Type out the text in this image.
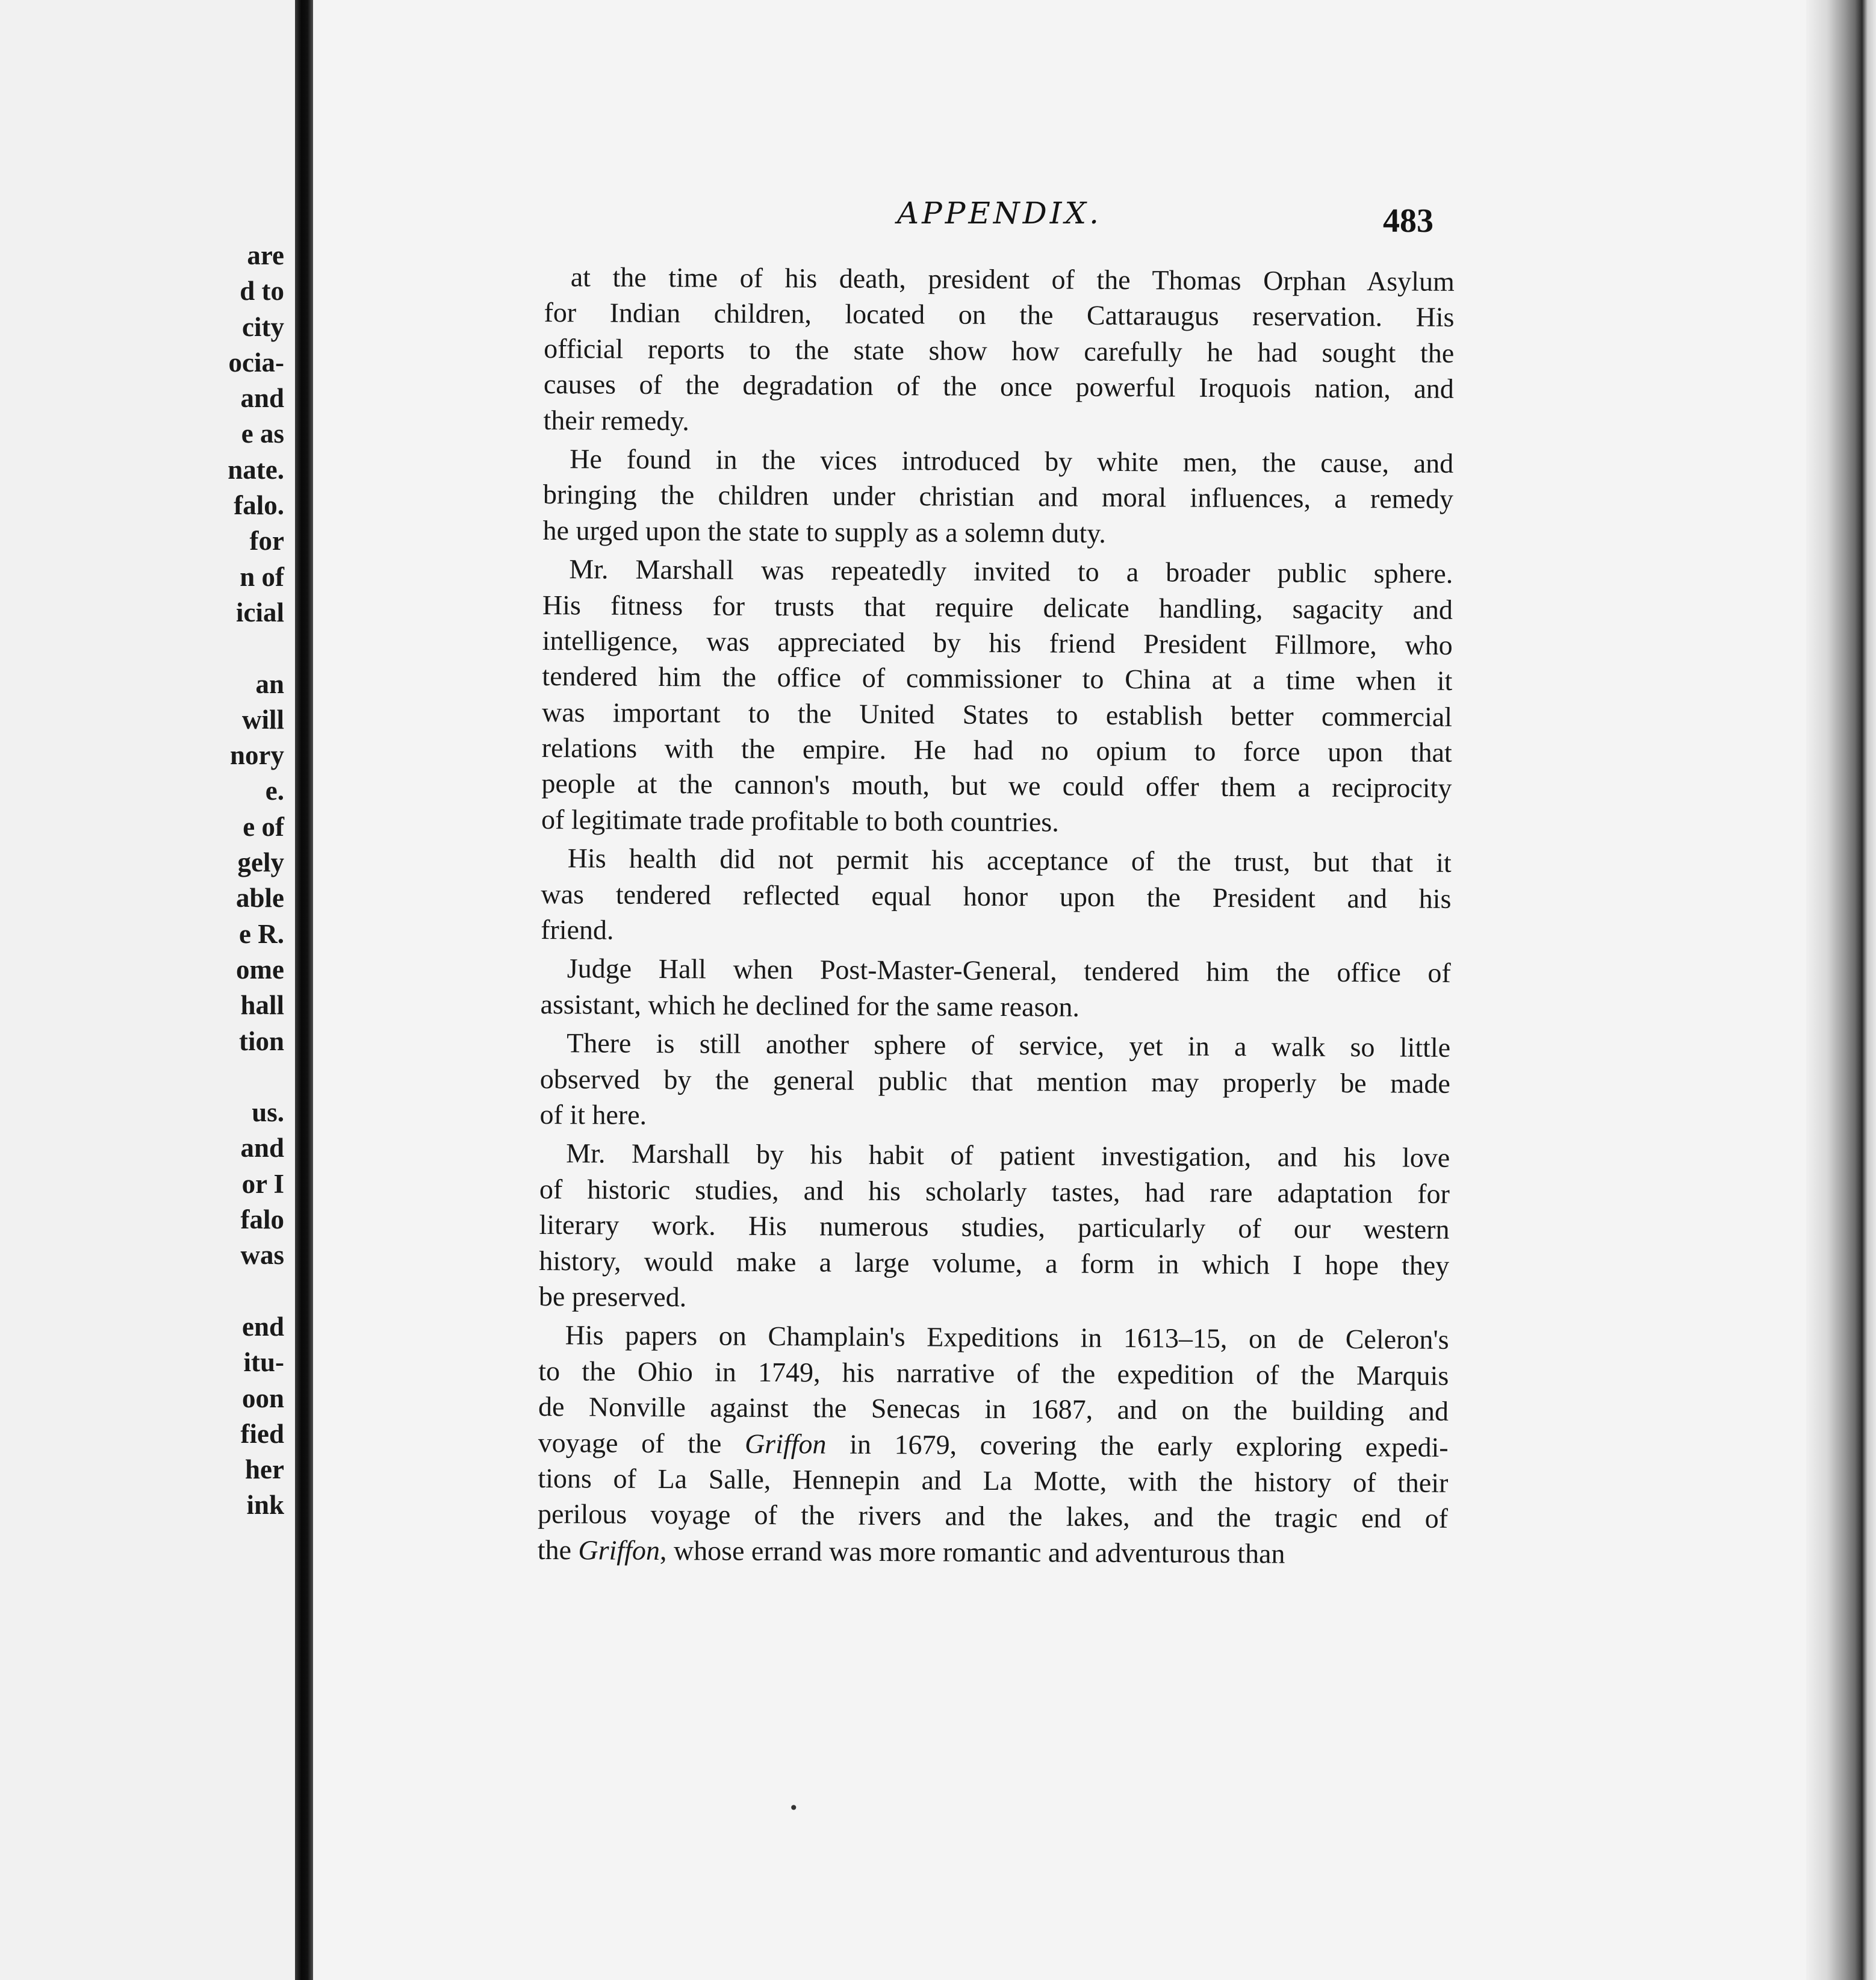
are
d to
city
ocia-
and
e as
nate.
falo.
for
n of
icial
an
will
nory
e.
e of
gely
able
e R.
ome
hall
tion
us.
and
or I
falo
was
end
itu-
oon
fied
her
ink
APPENDIX.	483
at the time of his death, president of the Thomas Orphan Asylum
for Indian children, located on the Cattaraugus reservation. His
official reports to the state show how carefully he had sought the
causes of the degradation of the once powerful Iroquois nation, and
their remedy.
He found in the vices introduced by white men, the cause, and
bringing the children under christian and moral influences, a remedy
he urged upon the state to supply as a solemn duty.
Mr. Marshall was repeatedly invited to a broader public sphere.
His fitness for trusts that require delicate handling, sagacity and
intelligence, was appreciated by his friend President Fillmore, who
tendered him the office of commissioner to China at a time when it
was important to the United States to establish better commercial
relations with the empire. He had no opium to force upon that
people at the cannon's mouth, but we could offer them a reciprocity
of legitimate trade profitable to both countries.
His health did not permit his acceptance of the trust, but that it
was tendered reflected equal honor upon the President and his
friend.
Judge Hall when Post-Master-General, tendered him the office of
assistant, which he declined for the same reason.
There is still another sphere of service, yet in a walk so little
observed by the general public that mention may properly be made
of it here.
Mr. Marshall by his habit of patient investigation, and his love
of historic studies, and his scholarly tastes, had rare adaptation for
literary work. His numerous studies, particularly of our western
history, would make a large volume, a form in which I hope they
be preserved.
His papers on Champlain's Expeditions in 1613–15, on de Celeron's
to the Ohio in 1749, his narrative of the expedition of the Marquis
de Nonville against the Senecas in 1687, and on the building and
voyage of the Griffon in 1679, covering the early exploring expedi-
tions of La Salle, Hennepin and La Motte, with the history of their
perilous voyage of the rivers and the lakes, and the tragic end of
the Griffon, whose errand was more romantic and adventurous than
•
